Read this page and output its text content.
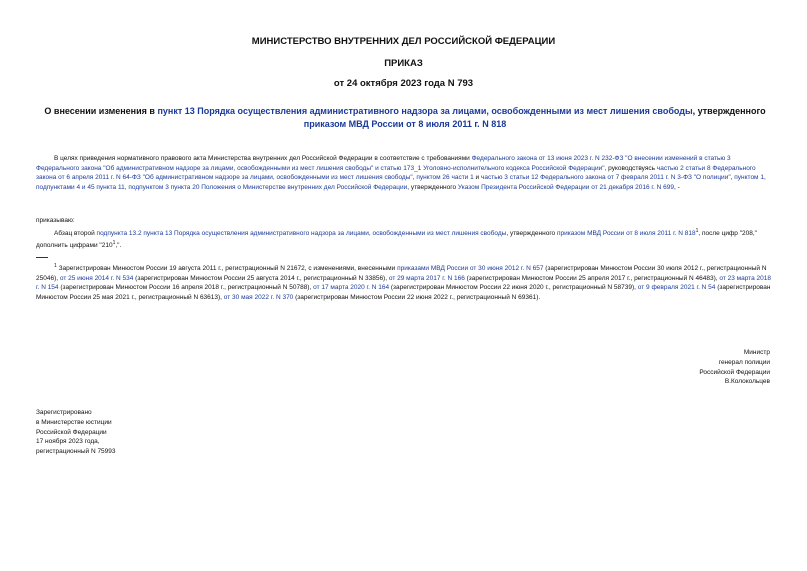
МИНИСТЕРСТВО ВНУТРЕННИХ ДЕЛ РОССИЙСКОЙ ФЕДЕРАЦИИ
ПРИКАЗ
от 24 октября 2023 года N 793
О внесении изменения в пункт 13 Порядка осуществления административного надзора за лицами, освобожденными из мест лишения свободы, утвержденного приказом МВД России от 8 июля 2011 г. N 818
В целях приведения нормативного правового акта Министерства внутренних дел Российской Федерации в соответствие с требованиями Федерального закона от 13 июня 2023 г. N 232-ФЗ "О внесении изменений в статью 3 Федерального закона "Об административном надзоре за лицами, освобожденными из мест лишения свободы" и статью 173_1 Уголовно-исполнительного кодекса Российской Федерации", руководствуясь частью 2 статьи 8 Федерального закона от 6 апреля 2011 г. N 64-ФЗ "Об административном надзоре за лицами, освобожденными из мест лишения свободы", пунктом 26 части 1 и частью 3 статьи 12 Федерального закона от 7 февраля 2011 г. N 3-ФЗ "О полиции", пунктом 1, подпунктами 4 и 45 пункта 11, подпунктом 3 пункта 20 Положения о Министерстве внутренних дел Российской Федерации, утвержденного Указом Президента Российской Федерации от 21 декабря 2016 г. N 699, -
приказываю:
Абзац второй подпункта 13.2 пункта 13 Порядка осуществления административного надзора за лицами, освобожденными из мест лишения свободы, утвержденного приказом МВД России от 8 июля 2011 г. N $818^1$, после цифр "208," дополнить цифрами "$210^1$,".
$^1$ Зарегистрирован Минюстом России 19 августа 2011 г., регистрационный N 21672, с изменениями, внесенными приказами МВД России от 30 июня 2012 г. N 657 (зарегистрирован Минюстом России 30 июля 2012 г., регистрационный N 25046), от 25 июня 2014 г. N 534 (зарегистрирован Минюстом России 25 августа 2014 г., регистрационный N 33856), от 29 марта 2017 г. N 166 (зарегистрирован Минюстом России 25 апреля 2017 г., регистрационный N 46483), от 23 марта 2018 г. N 154 (зарегистрирован Минюстом России 16 апреля 2018 г., регистрационный N 50788), от 17 марта 2020 г. N 164 (зарегистрирован Минюстом России 22 июня 2020 г., регистрационный N 58739), от 9 февраля 2021 г. N 54 (зарегистрирован Минюстом России 25 мая 2021 г., регистрационный N 63613), от 30 мая 2022 г. N 370 (зарегистрирован Минюстом России 22 июня 2022 г., регистрационный N 69361).
Министр
генерал полиции
Российской Федерации
В.Колокольцев
Зарегистрировано
в Министерстве юстиции
Российской Федерации
17 ноября 2023 года,
регистрационный N 75993
